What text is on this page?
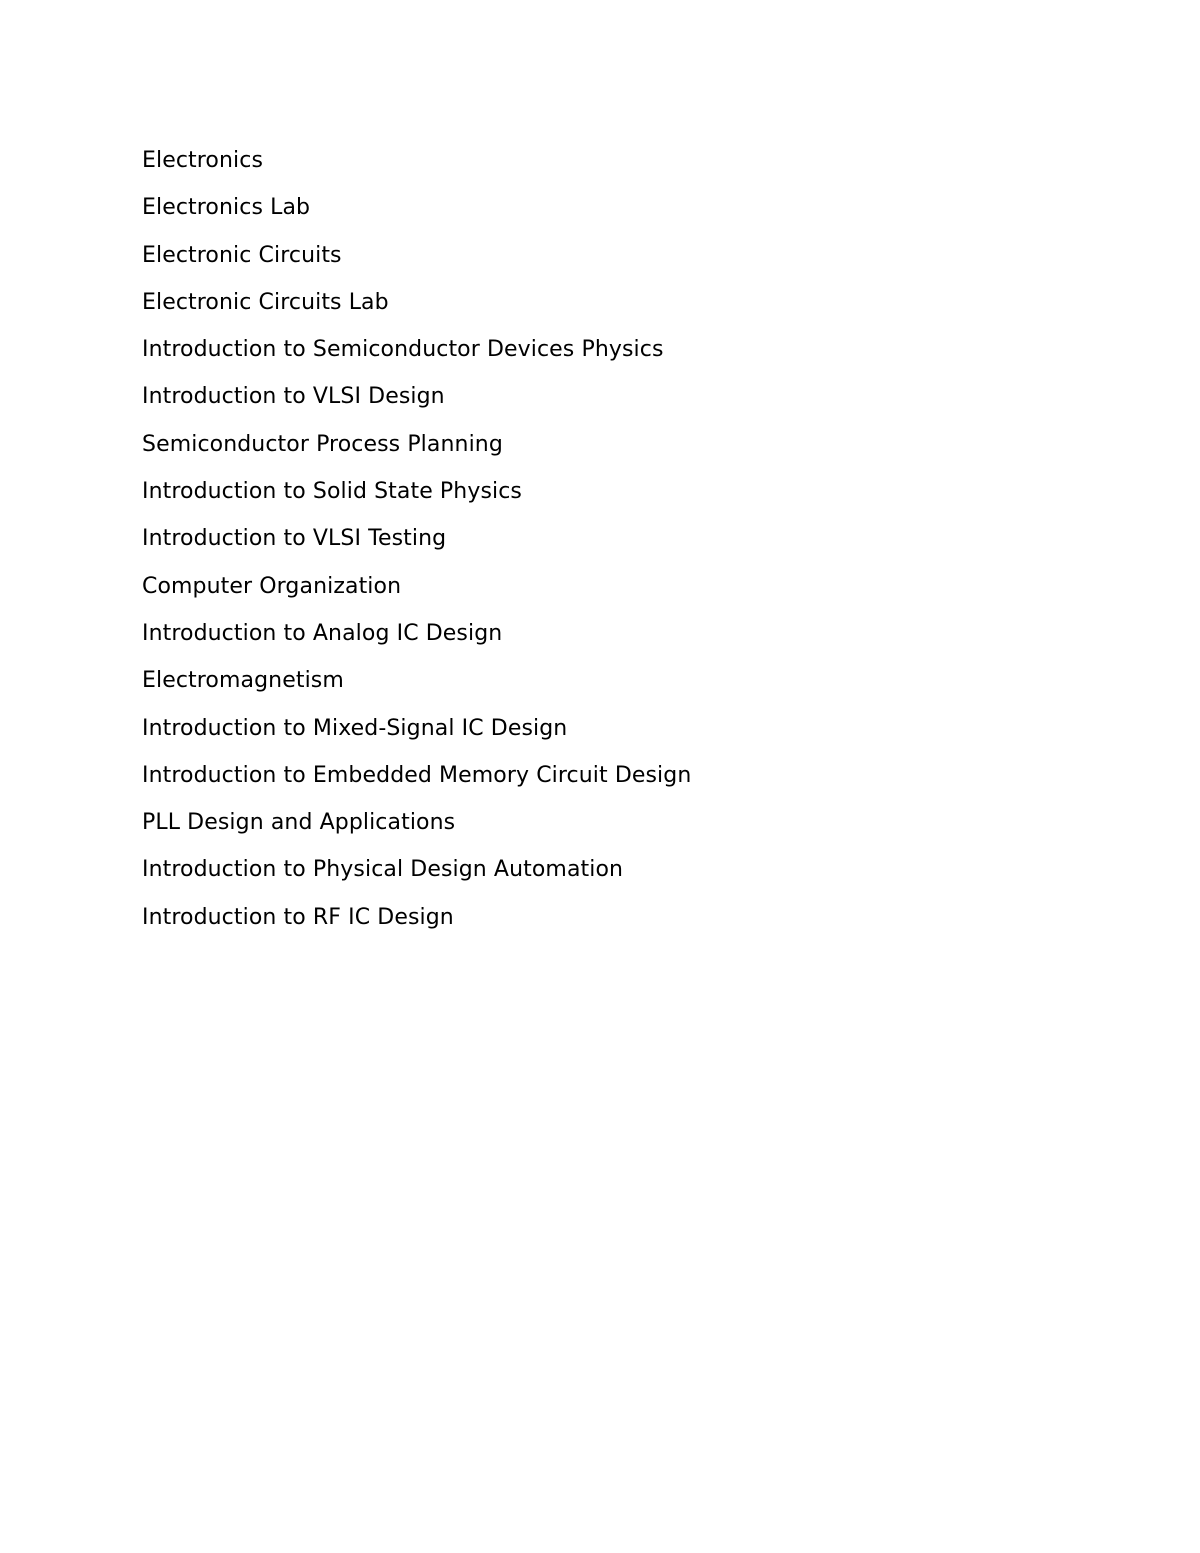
Electronics
Electronics Lab
Electronic Circuits
Electronic Circuits Lab
Introduction to Semiconductor Devices Physics
Introduction to VLSI Design
Semiconductor Process Planning
Introduction to Solid State Physics
Introduction to VLSI Testing
Computer Organization
Introduction to Analog IC Design
Electromagnetism
Introduction to Mixed-Signal IC Design
Introduction to Embedded Memory Circuit Design
PLL Design and Applications
Introduction to Physical Design Automation
Introduction to RF IC Design
